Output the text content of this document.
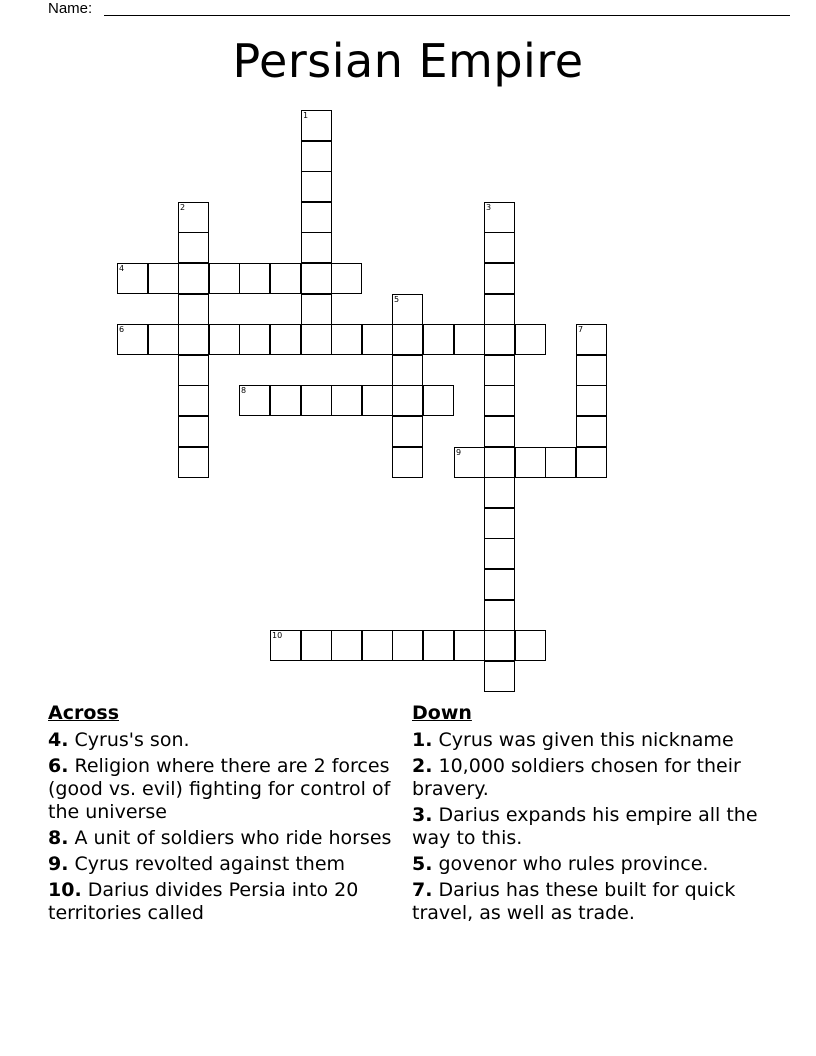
Name:
Persian Empire
1
2	3
4
5
6	7
8
9
10
Across
4. Cyrus's son.
6. Religion where there are 2 forces (good vs. evil) fighting for control of the universe
8. A unit of soldiers who ride horses
9. Cyrus revolted against them
10. Darius divides Persia into 20 territories called
Down
1. Cyrus was given this nickname
2. 10,000 soldiers chosen for their bravery.
3. Darius expands his empire all the way to this.
5. govenor who rules province.
7. Darius has these built for quick travel, as well as trade.
